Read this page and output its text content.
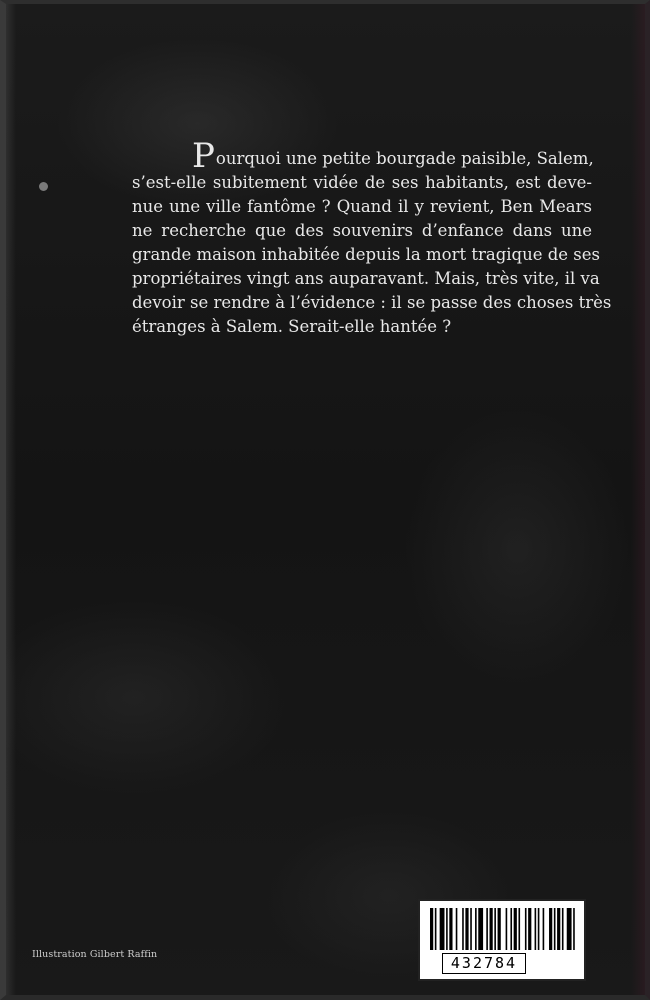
Pourquoi une petite bourgade paisible, Salem,
s’est-elle subitement vidée de ses habitants, est deve-
nue une ville fantôme ? Quand il y revient, Ben Mears
ne recherche que des souvenirs d’enfance dans une
grande maison inhabitée depuis la mort tragique de ses
propriétaires vingt ans auparavant. Mais, très vite, il va
devoir se rendre à l’évidence : il se passe des choses très
étranges à Salem. Serait-elle hantée ?
Illustration Gilbert Raffin	432784
